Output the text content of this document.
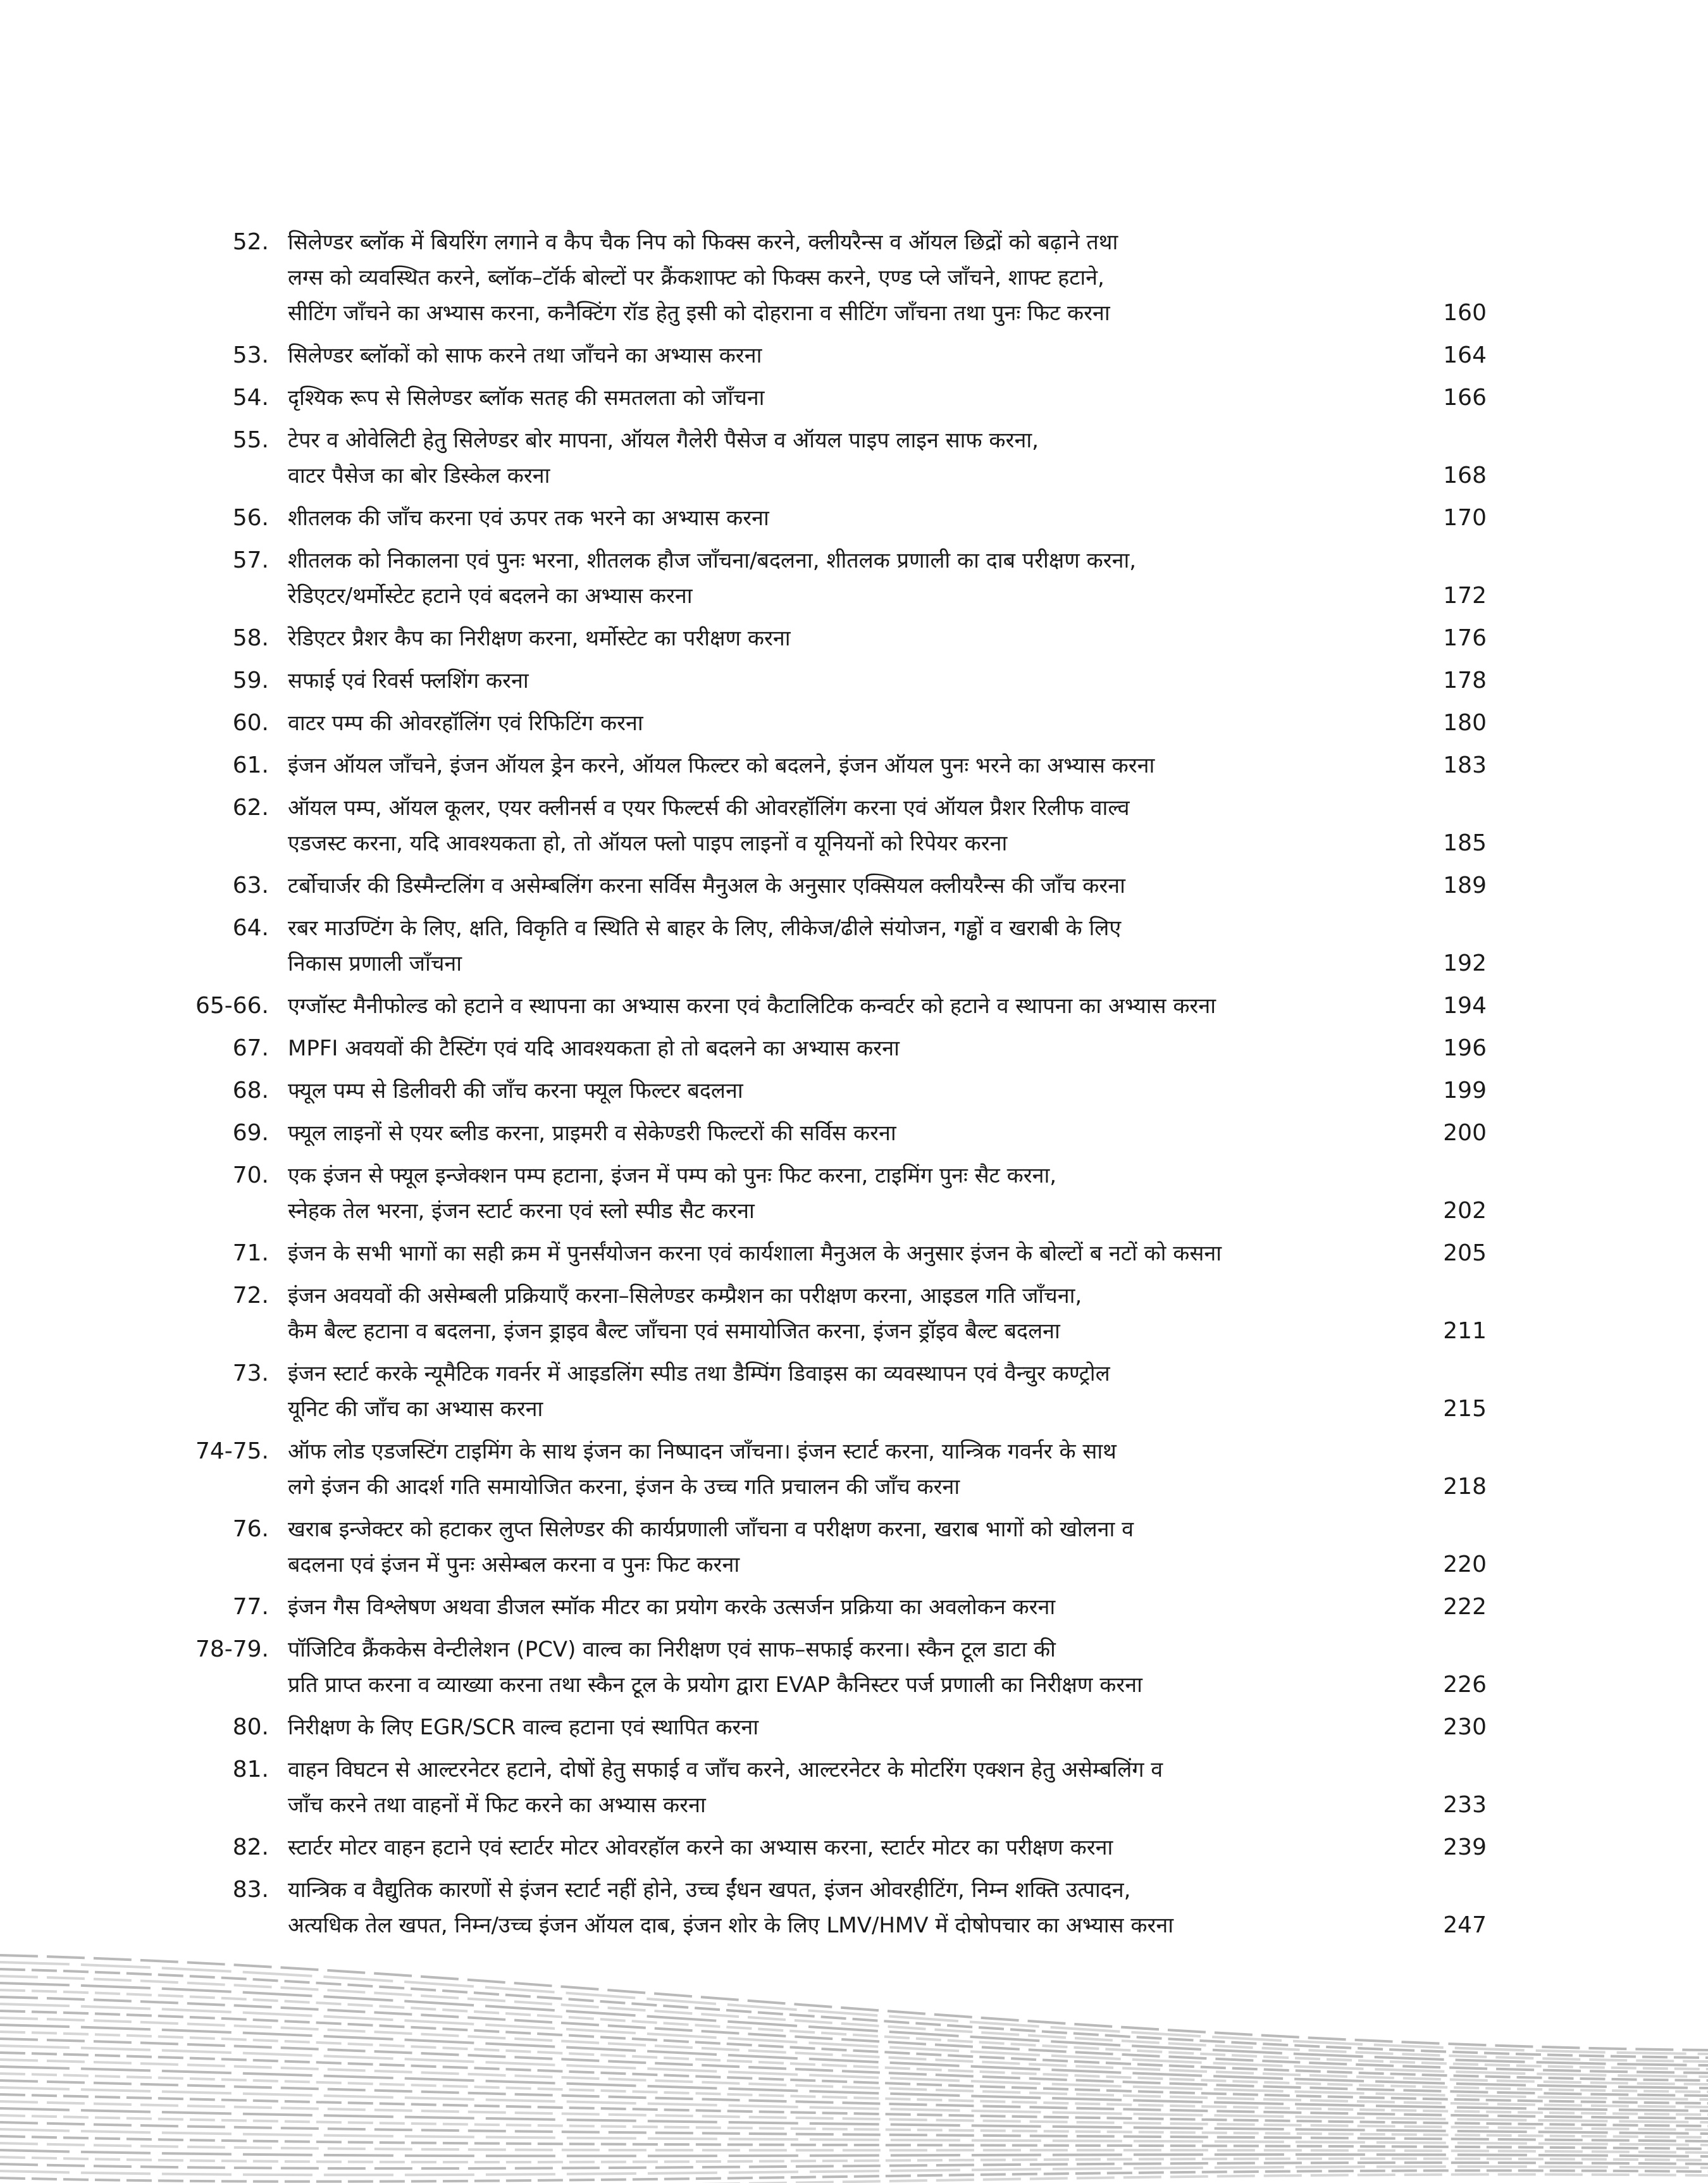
52. सिलेण्डर ब्लॉक में बियरिंग लगाने व कैप चैक निप को फिक्स करने, क्लीयरैन्स व ऑयल छिद्रों को बढ़ाने तथा
लग्स को व्यवस्थित करने, ब्लॉक–टॉर्क बोल्टों पर क्रैंकशाफ्ट को फिक्स करने, एण्ड प्ले जाँचने, शाफ्ट हटाने,
सीटिंग जाँचने का अभ्यास करना, कनैक्टिंग रॉड हेतु इसी को दोहराना व सीटिंग जाँचना तथा पुनः फिट करना	160
53. सिलेण्डर ब्लॉकों को साफ करने तथा जाँचने का अभ्यास करना	164
54. दृश्यिक रूप से सिलेण्डर ब्लॉक सतह की समतलता को जाँचना	166
55. टेपर व ओवेलिटी हेतु सिलेण्डर बोर मापना, ऑयल गैलेरी पैसेज व ऑयल पाइप लाइन साफ करना,
वाटर पैसेज का बोर डिस्केल करना	168
56. शीतलक की जाँच करना एवं ऊपर तक भरने का अभ्यास करना	170
57. शीतलक को निकालना एवं पुनः भरना, शीतलक हौज जाँचना/बदलना, शीतलक प्रणाली का दाब परीक्षण करना,
रेडिएटर/थर्मोस्टेट हटाने एवं बदलने का अभ्यास करना	172
58. रेडिएटर प्रैशर कैप का निरीक्षण करना, थर्मोस्टेट का परीक्षण करना	176
59. सफाई एवं रिवर्स फ्लशिंग करना	178
60. वाटर पम्प की ओवरहॉलिंग एवं रिफिटिंग करना	180
61. इंजन ऑयल जाँचने, इंजन ऑयल ड्रेन करने, ऑयल फिल्टर को बदलने, इंजन ऑयल पुनः भरने का अभ्यास करना	183
62. ऑयल पम्प, ऑयल कूलर, एयर क्लीनर्स व एयर फिल्टर्स की ओवरहॉलिंग करना एवं ऑयल प्रैशर रिलीफ वाल्व
एडजस्ट करना, यदि आवश्यकता हो, तो ऑयल फ्लो पाइप लाइनों व यूनियनों को रिपेयर करना	185
63. टर्बोचार्जर की डिस्मैन्टलिंग व असेम्बलिंग करना सर्विस मैनुअल के अनुसार एक्सियल क्लीयरैन्स की जाँच करना	189
64. रबर माउण्टिंग के लिए, क्षति, विकृति व स्थिति से बाहर के लिए, लीकेज/ढीले संयोजन, गड्ढों व खराबी के लिए
निकास प्रणाली जाँचना	192
65-66. एग्जॉस्ट मैनीफोल्ड को हटाने व स्थापना का अभ्यास करना एवं कैटालिटिक कन्वर्टर को हटाने व स्थापना का अभ्यास करना	194
67. MPFI अवयवों की टैस्टिंग एवं यदि आवश्यकता हो तो बदलने का अभ्यास करना	196
68. फ्यूल पम्प से डिलीवरी की जाँच करना फ्यूल फिल्टर बदलना	199
69. फ्यूल लाइनों से एयर ब्लीड करना, प्राइमरी व सेकेण्डरी फिल्टरों की सर्विस करना	200
70. एक इंजन से फ्यूल इन्जेक्शन पम्प हटाना, इंजन में पम्प को पुनः फिट करना, टाइमिंग पुनः सैट करना,
स्नेहक तेल भरना, इंजन स्टार्ट करना एवं स्लो स्पीड सैट करना	202
71. इंजन के सभी भागों का सही क्रम में पुनर्संयोजन करना एवं कार्यशाला मैनुअल के अनुसार इंजन के बोल्टों ब नटों को कसना	205
72. इंजन अवयवों की असेम्बली प्रक्रियाएँ करना–सिलेण्डर कम्प्रैशन का परीक्षण करना, आइडल गति जाँचना,
कैम बैल्ट हटाना व बदलना, इंजन ड्राइव बैल्ट जाँचना एवं समायोजित करना, इंजन ड्रॉइव बैल्ट बदलना	211
73. इंजन स्टार्ट करके न्यूमैटिक गवर्नर में आइडलिंग स्पीड तथा डैम्पिंग डिवाइस का व्यवस्थापन एवं वैन्चुर कण्ट्रोल
यूनिट की जाँच का अभ्यास करना	215
74-75. ऑफ लोड एडजस्टिंग टाइमिंग के साथ इंजन का निष्पादन जाँचना। इंजन स्टार्ट करना, यान्त्रिक गवर्नर के साथ
लगे इंजन की आदर्श गति समायोजित करना, इंजन के उच्च गति प्रचालन की जाँच करना	218
76. खराब इन्जेक्टर को हटाकर लुप्त सिलेण्डर की कार्यप्रणाली जाँचना व परीक्षण करना, खराब भागों को खोलना व
बदलना एवं इंजन में पुनः असेम्बल करना व पुनः फिट करना	220
77. इंजन गैस विश्लेषण अथवा डीजल स्मॉक मीटर का प्रयोग करके उत्सर्जन प्रक्रिया का अवलोकन करना	222
78-79. पॉजिटिव क्रैंककेस वेन्टीलेशन (PCV) वाल्व का निरीक्षण एवं साफ–सफाई करना। स्कैन टूल डाटा की
प्रति प्राप्त करना व व्याख्या करना तथा स्कैन टूल के प्रयोग द्वारा EVAP कैनिस्टर पर्ज प्रणाली का निरीक्षण करना	226
80. निरीक्षण के लिए EGR/SCR वाल्व हटाना एवं स्थापित करना	230
81. वाहन विघटन से आल्टरनेटर हटाने, दोषों हेतु सफाई व जाँच करने, आल्टरनेटर के मोटरिंग एक्शन हेतु असेम्बलिंग व
जाँच करने तथा वाहनों में फिट करने का अभ्यास करना	233
82. स्टार्टर मोटर वाहन हटाने एवं स्टार्टर मोटर ओवरहॉल करने का अभ्यास करना, स्टार्टर मोटर का परीक्षण करना	239
83. यान्त्रिक व वैद्युतिक कारणों से इंजन स्टार्ट नहीं होने, उच्च ईंधन खपत, इंजन ओवरहीटिंग, निम्न शक्ति उत्पादन,
अत्यधिक तेल खपत, निम्न/उच्च इंजन ऑयल दाब, इंजन शोर के लिए LMV/HMV में दोषोपचार का अभ्यास करना	247
